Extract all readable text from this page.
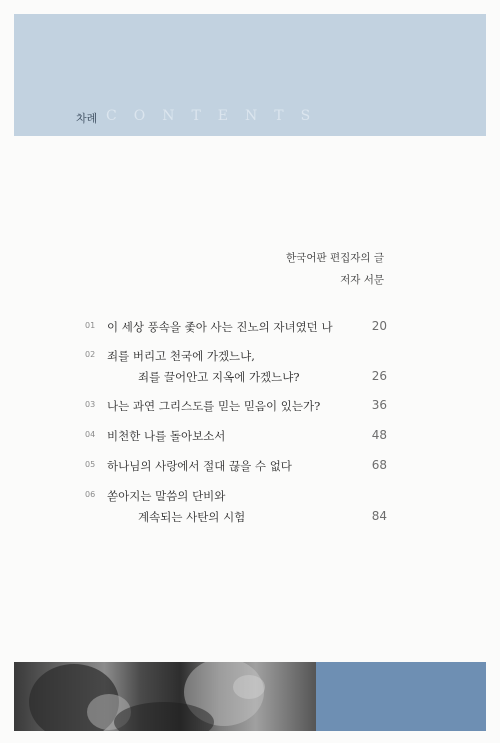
차례 CONTENTS
한국어판 편집자의 글
저자 서문
01 이 세상 풍속을 좇아 사는 진노의 자녀였던 나	20
02 죄를 버리고 천국에 가겠느냐,
죄를 끌어안고 지옥에 가겠느냐?	26
03 나는 과연 그리스도를 믿는 믿음이 있는가?	36
04 비천한 나를 돌아보소서	48
05 하나님의 사랑에서 절대 끊을 수 없다	68
06 쏟아지는 말씀의 단비와
계속되는 사탄의 시험	84
